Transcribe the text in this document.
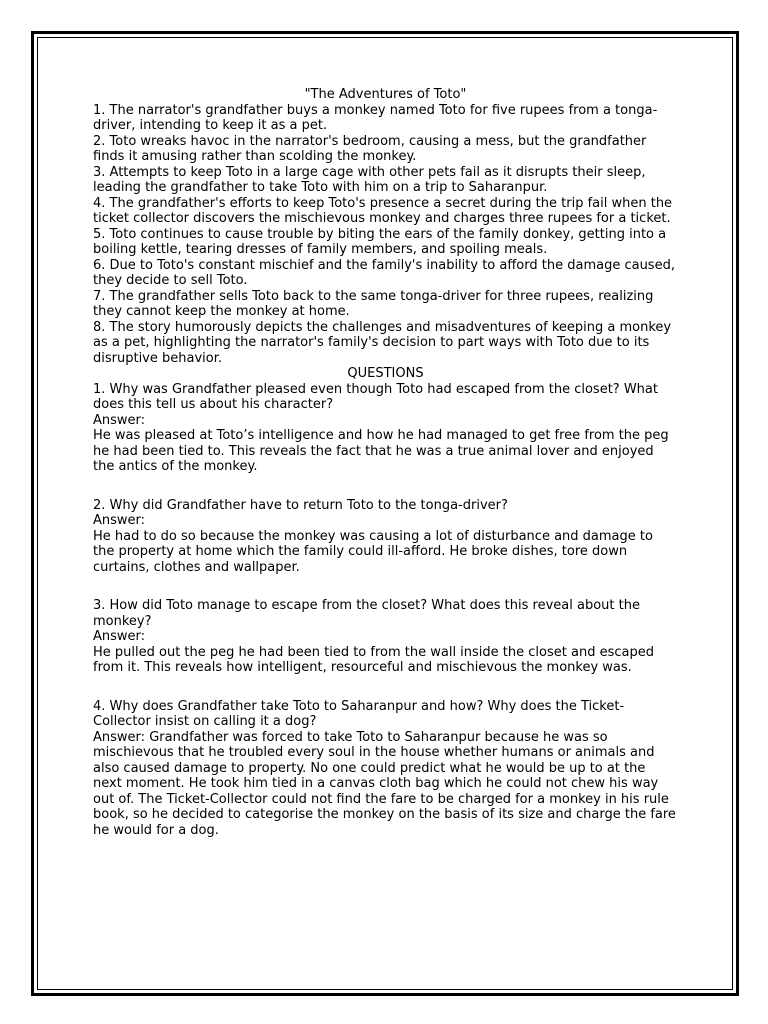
"The Adventures of Toto"

1. The narrator's grandfather buys a monkey named Toto for five rupees from a tonga-driver, intending to keep it as a pet.

2. Toto wreaks havoc in the narrator's bedroom, causing a mess, but the grandfather finds it amusing rather than scolding the monkey.

3. Attempts to keep Toto in a large cage with other pets fail as it disrupts their sleep, leading the grandfather to take Toto with him on a trip to Saharanpur.

4. The grandfather's efforts to keep Toto's presence a secret during the trip fail when the ticket collector discovers the mischievous monkey and charges three rupees for a ticket.

5. Toto continues to cause trouble by biting the ears of the family donkey, getting into a boiling kettle, tearing dresses of family members, and spoiling meals.

6. Due to Toto's constant mischief and the family's inability to afford the damage caused, they decide to sell Toto.

7. The grandfather sells Toto back to the same tonga-driver for three rupees, realizing they cannot keep the monkey at home.

8. The story humorously depicts the challenges and misadventures of keeping a monkey as a pet, highlighting the narrator's family's decision to part ways with Toto due to its disruptive behavior.

QUESTIONS

1. Why was Grandfather pleased even though Toto had escaped from the closet? What does this tell us about his character?

Answer:

He was pleased at Toto’s intelligence and how he had managed to get free from the peg he had been tied to. This reveals the fact that he was a true animal lover and enjoyed the antics of the monkey.

2. Why did Grandfather have to return Toto to the tonga-driver?

Answer:

He had to do so because the monkey was causing a lot of disturbance and damage to the property at home which the family could ill-afford. He broke dishes, tore down curtains, clothes and wallpaper.

3. How did Toto manage to escape from the closet? What does this reveal about the monkey?

Answer:

He pulled out the peg he had been tied to from the wall inside the closet and escaped from it. This reveals how intelligent, resourceful and mischievous the monkey was.

4. Why does Grandfather take Toto to Saharanpur and how? Why does the Ticket-Collector insist on calling it a dog?

Answer: Grandfather was forced to take Toto to Saharanpur because he was so mischievous that he troubled every soul in the house whether humans or animals and also caused damage to property. No one could predict what he would be up to at the next moment. He took him tied in a canvas cloth bag which he could not chew his way out of. The Ticket-Collector could not find the fare to be charged for a monkey in his rule book, so he decided to categorise the monkey on the basis of its size and charge the fare he would for a dog.
